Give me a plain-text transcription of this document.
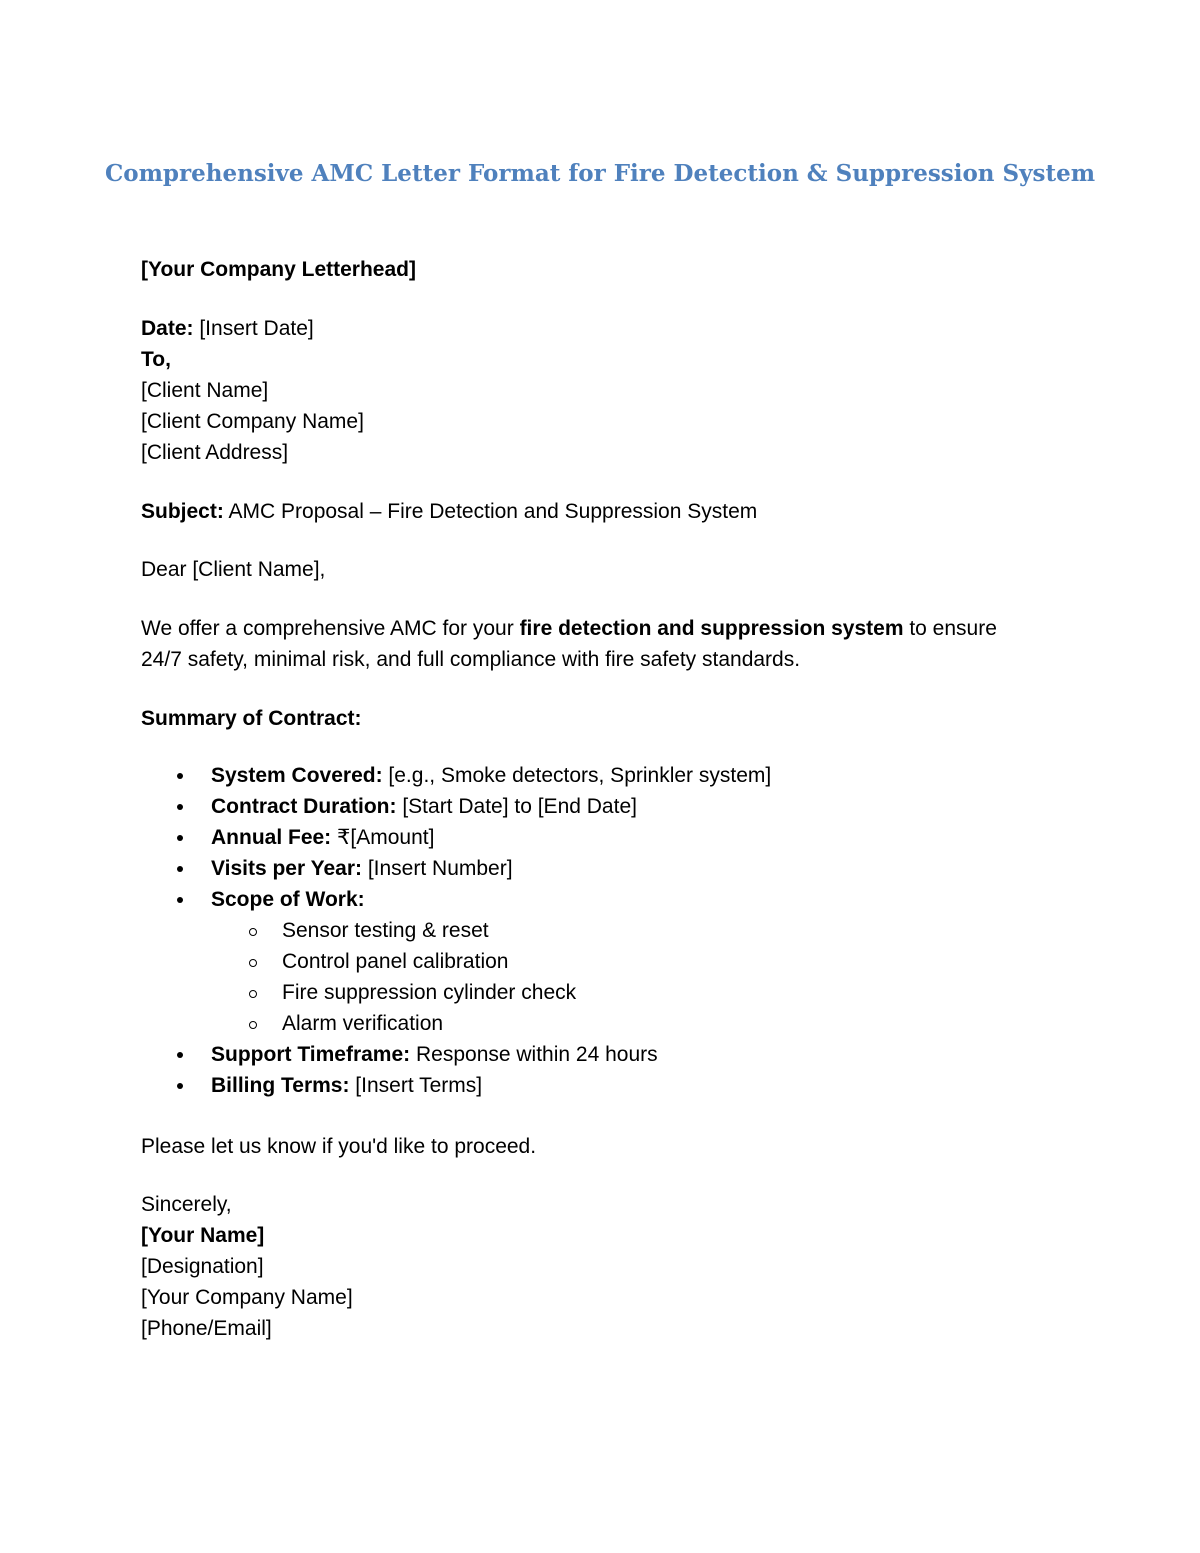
Comprehensive AMC Letter Format for Fire Detection & Suppression System
[Your Company Letterhead]
Date: [Insert Date]
To,
[Client Name]
[Client Company Name]
[Client Address]
Subject: AMC Proposal – Fire Detection and Suppression System
Dear [Client Name],
We offer a comprehensive AMC for your fire detection and suppression system to ensure 24/7 safety, minimal risk, and full compliance with fire safety standards.
Summary of Contract:
System Covered: [e.g., Smoke detectors, Sprinkler system]
Contract Duration: [Start Date] to [End Date]
Annual Fee: ₹[Amount]
Visits per Year: [Insert Number]
Scope of Work:
Sensor testing & reset
Control panel calibration
Fire suppression cylinder check
Alarm verification
Support Timeframe: Response within 24 hours
Billing Terms: [Insert Terms]
Please let us know if you'd like to proceed.
Sincerely,
[Your Name]
[Designation]
[Your Company Name]
[Phone/Email]
